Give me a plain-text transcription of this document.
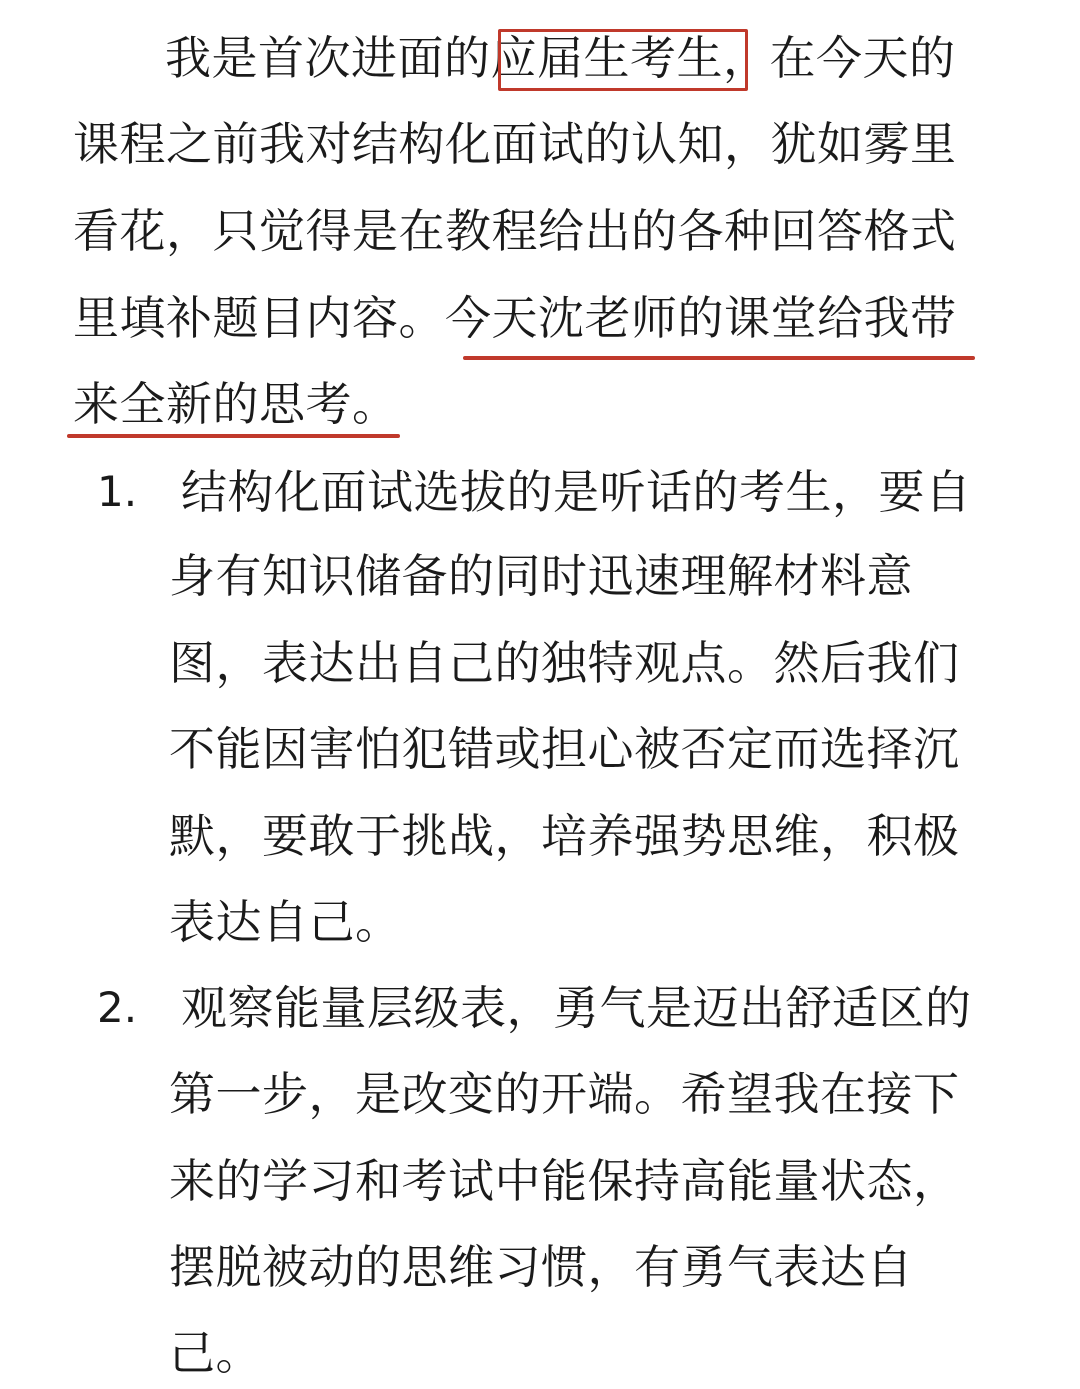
我是首次进面的应届生考生，在今天的
课程之前我对结构化面试的认知，犹如雾里
看花，只觉得是在教程给出的各种回答格式
里填补题目内容。今天沈老师的课堂给我带
来全新的思考。
1. 结构化面试选拔的是听话的考生，要自
身有知识储备的同时迅速理解材料意
图，表达出自己的独特观点。然后我们
不能因害怕犯错或担心被否定而选择沉
默，要敢于挑战，培养强势思维，积极
表达自己。
2. 观察能量层级表，勇气是迈出舒适区的
第一步，是改变的开端。希望我在接下
来的学习和考试中能保持高能量状态，
摆脱被动的思维习惯，有勇气表达自
己。
